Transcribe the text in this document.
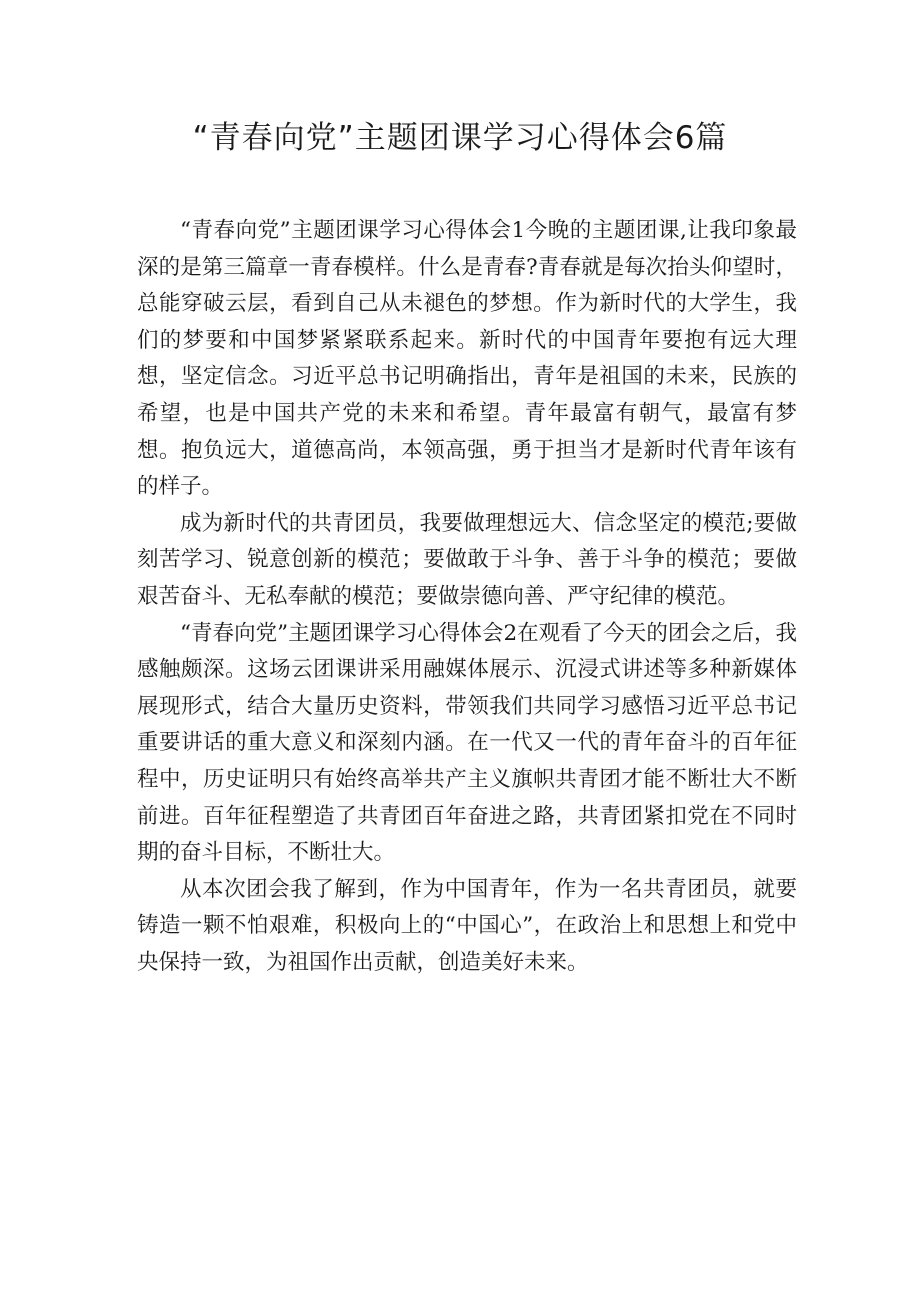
“青春向党”主题团课学习心得体会6篇

“青春向党”主题团课学习心得体会1今晚的主题团课,让我印象最深的是第三篇章一青春模样。什么是青春?青春就是每次抬头仰望时，总能穿破云层，看到自己从未褪色的梦想。作为新时代的大学生，我们的梦要和中国梦紧紧联系起来。新时代的中国青年要抱有远大理想，坚定信念。习近平总书记明确指出，青年是祖国的未来，民族的希望，也是中国共产党的未来和希望。青年最富有朝气，最富有梦想。抱负远大，道德高尚，本领高强，勇于担当才是新时代青年该有的样子。

成为新时代的共青团员，我要做理想远大、信念坚定的模范;要做刻苦学习、锐意创新的模范；要做敢于斗争、善于斗争的模范；要做艰苦奋斗、无私奉献的模范；要做崇德向善、严守纪律的模范。

“青春向党”主题团课学习心得体会2在观看了今天的团会之后，我感触颇深。这场云团课讲采用融媒体展示、沉浸式讲述等多种新媒体展现形式，结合大量历史资料，带领我们共同学习感悟习近平总书记重要讲话的重大意义和深刻内涵。在一代又一代的青年奋斗的百年征程中，历史证明只有始终高举共产主义旗帜共青团才能不断壮大不断前进。百年征程塑造了共青团百年奋进之路，共青团紧扣党在不同时期的奋斗目标，不断壮大。

从本次团会我了解到，作为中国青年，作为一名共青团员，就要铸造一颗不怕艰难，积极向上的“中国心”，在政治上和思想上和党中央保持一致，为祖国作出贡献，创造美好未来。
